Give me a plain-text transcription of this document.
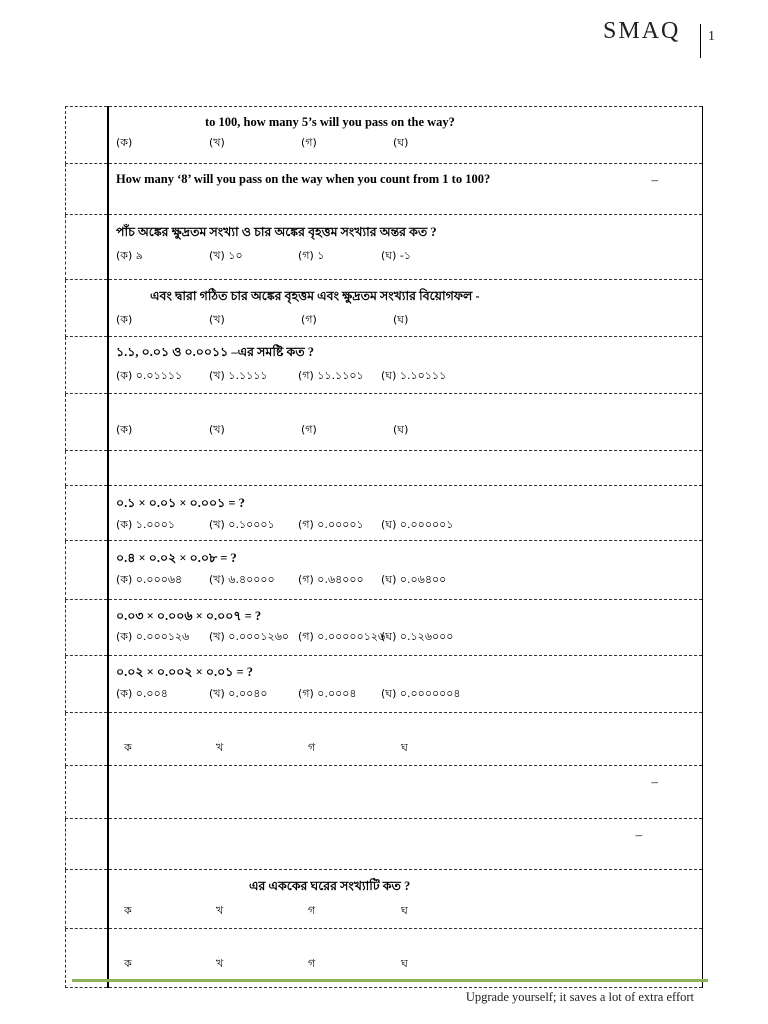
SMAQ 1

	to 100, how many 5’s will you pass on the way?
(ক) (খ) (গ) (ঘ)

	How many ‘8’ will you pass on the way when you count from 1 to 100? –

	পাঁচ অঙ্কের ক্ষুদ্রতম সংখ্যা ও চার অঙ্কের বৃহত্তম সংখ্যার অন্তর কত ?
(ক) ৯ (খ) ১০ (গ) ১ (ঘ) -১

	এবং দ্বারা গঠিত চার অঙ্কের বৃহত্তম এবং ক্ষুদ্রতম সংখ্যার বিয়োগফল -
(ক) (খ) (গ) (ঘ)

	১.১, ০.০১ ও ০.০০১১ –এর সমষ্টি কত ?
(ক) ০.০১১১১ (খ) ১.১১১১ (গ) ১১.১১০১ (ঘ) ১.১০১১১

	(ক) (খ) (গ) (ঘ)

	০.১ × ০.০১ × ০.০০১ = ?
(ক) ১.০০০১ (খ) ০.১০০০১ (গ) ০.০০০০১ (ঘ) ০.০০০০০১

	০.৪ × ০.০২ × ০.০৮ = ?
(ক) ০.০০০৬৪ (খ) ৬.৪০০০০ (গ) ০.৬৪০০০ (ঘ) ০.০৬৪০০

	০.০৩ × ০.০০৬ × ০.০০৭ = ?
(ক) ০.০০০১২৬ (খ) ০.০০০১২৬০ (গ) ০.০০০০০১২৬
(ঘ) ০.১২৬০০০

	০.০২ × ০.০০২ × ০.০১ = ?
(ক) ০.০০৪ (খ) ০.০০৪০ (গ) ০.০০০৪ (ঘ) ০.০০০০০০৪

	ক খ গ ঘ

	–

	–

	এর এককের ঘরের সংখ্যাটি কত ?
ক খ গ ঘ

	ক খ গ ঘ
Upgrade yourself; it saves a lot of extra effort
